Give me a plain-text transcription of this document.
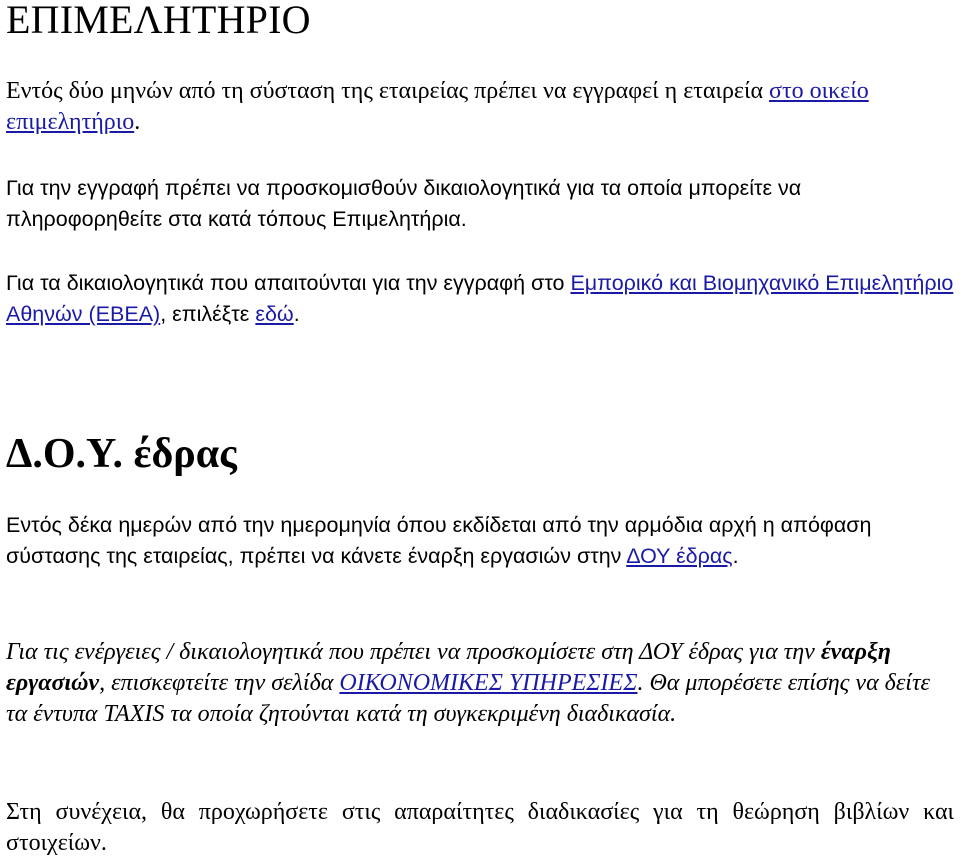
ΕΠΙΜΕΛΗΤΗΡΙΟ

Εντός δύο μηνών από τη σύσταση της εταιρείας πρέπει να εγγραφεί η εταιρεία στο οικείο επιμελητήριο.

Για την εγγραφή πρέπει να προσκομισθούν δικαιολογητικά για τα οποία μπορείτε να πληροφορηθείτε στα κατά τόπους Επιμελητήρια.

Για τα δικαιολογητικά που απαιτούνται για την εγγραφή στο Εμπορικό και Βιομηχανικό Επιμελητήριο Αθηνών (ΕΒΕΑ), επιλέξτε εδώ.

Δ.Ο.Υ. έδρας

Εντός δέκα ημερών από την ημερομηνία όπου εκδίδεται από την αρμόδια αρχή η απόφαση σύστασης της εταιρείας, πρέπει να κάνετε έναρξη εργασιών στην ΔΟΥ έδρας.

Για τις ενέργειες / δικαιολογητικά που πρέπει να προσκομίσετε στη ΔΟΥ έδρας για την έναρξη εργασιών, επισκεφτείτε την σελίδα ΟΙΚΟΝΟΜΙΚΕΣ ΥΠΗΡΕΣΙΕΣ. Θα μπορέσετε επίσης να δείτε τα έντυπα TAXIS τα οποία ζητούνται κατά τη συγκεκριμένη διαδικασία.

Στη συνέχεια, θα προχωρήσετε στις απαραίτητες διαδικασίες για τη θεώρηση βιβλίων και στοιχείων.
